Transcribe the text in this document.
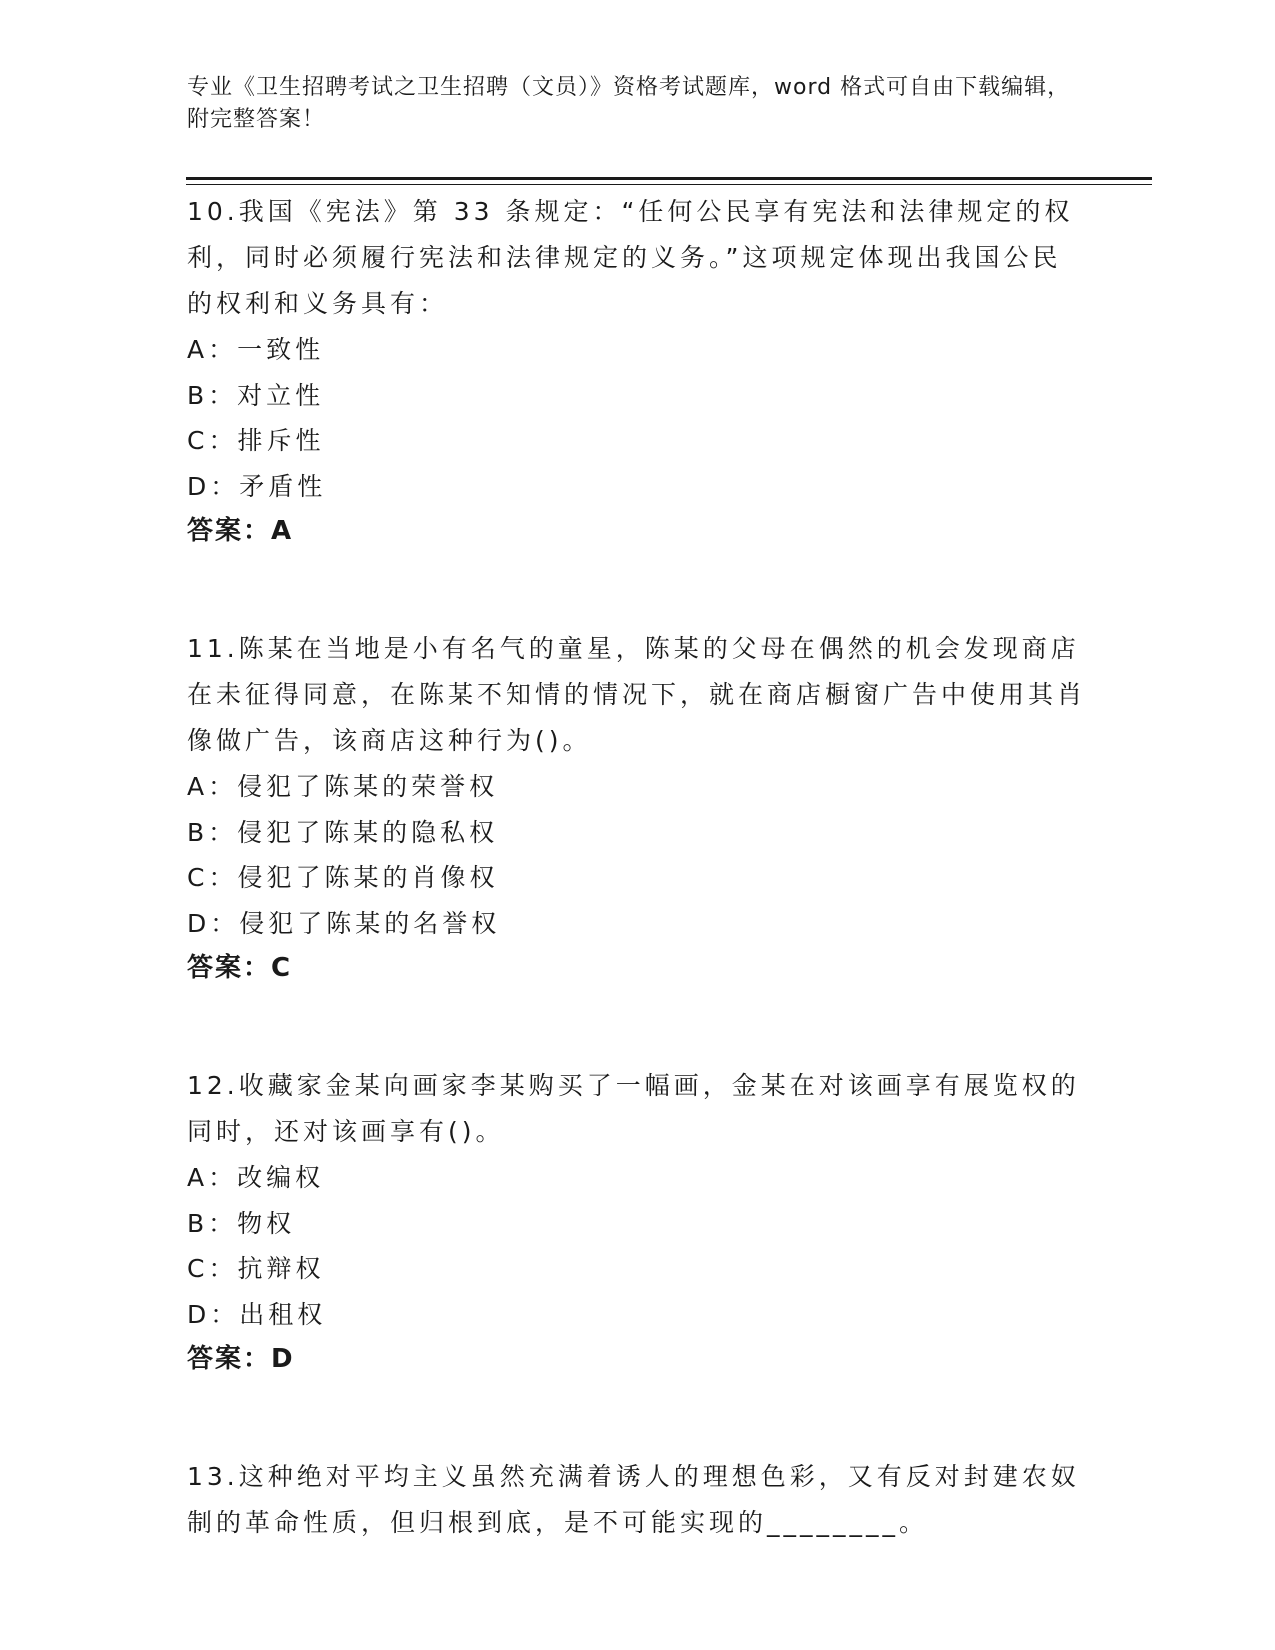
专业《卫生招聘考试之卫生招聘（文员）》资格考试题库，word 格式可自由下载编辑，附完整答案！
10.我国《宪法》第 33 条规定：“任何公民享有宪法和法律规定的权利，同时必须履行宪法和法律规定的义务。”这项规定体现出我国公民的权利和义务具有：
A：一致性
B：对立性
C：排斥性
D：矛盾性
答案：A
11.陈某在当地是小有名气的童星，陈某的父母在偶然的机会发现商店在未征得同意，在陈某不知情的情况下，就在商店橱窗广告中使用其肖像做广告，该商店这种行为()。
A：侵犯了陈某的荣誉权
B：侵犯了陈某的隐私权
C：侵犯了陈某的肖像权
D：侵犯了陈某的名誉权
答案：C
12.收藏家金某向画家李某购买了一幅画，金某在对该画享有展览权的同时，还对该画享有()。
A：改编权
B：物权
C：抗辩权
D：出租权
答案：D
13.这种绝对平均主义虽然充满着诱人的理想色彩，又有反对封建农奴制的革命性质，但归根到底，是不可能实现的________。
